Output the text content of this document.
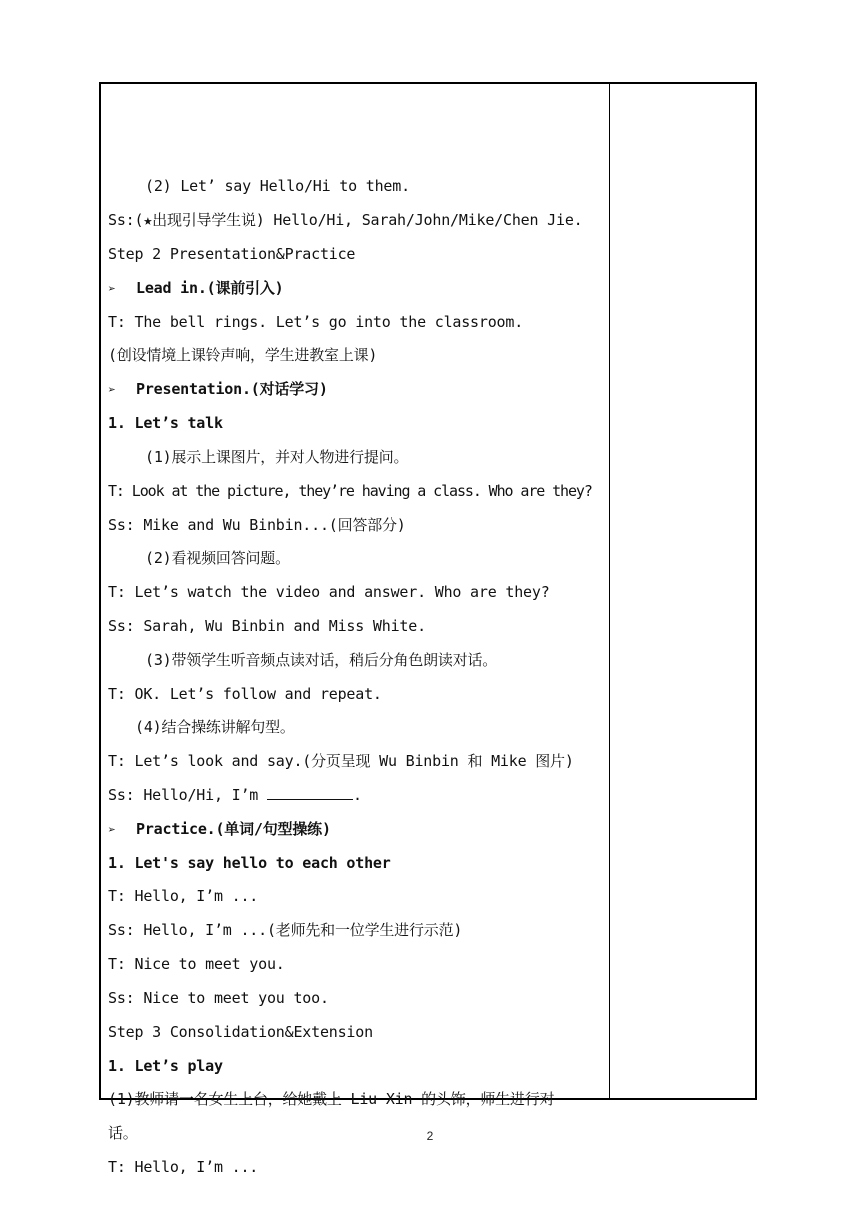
(2) Let’ say Hello/Hi to them.
Ss:(★出现引导学生说) Hello/Hi, Sarah/John/Mike/Chen Jie.
Step 2 Presentation&Practice
➢ Lead in.(课前引入)
T: The bell rings. Let’s go into the classroom.
(创设情境上课铃声响，学生进教室上课)
➢ Presentation.(对话学习)
1. Let’s talk
(1)展示上课图片，并对人物进行提问。
T: Look at the picture, they’re having a class. Who are they?
Ss: Mike and Wu Binbin...(回答部分)
(2)看视频回答问题。
T: Let’s watch the video and answer. Who are they?
Ss: Sarah, Wu Binbin and Miss White.
(3)带领学生听音频点读对话，稍后分角色朗读对话。
T: OK. Let’s follow and repeat.
(4)结合操练讲解句型。
T: Let’s look and say.(分页呈现 Wu Binbin 和 Mike 图片)
Ss: Hello/Hi, I’m	.
➢ Practice.(单词/句型操练)
1. Let's say hello to each other
T: Hello, I’m ...
Ss: Hello, I’m ...(老师先和一位学生进行示范)
T: Nice to meet you.
Ss: Nice to meet you too.
Step 3 Consolidation&Extension
1. Let’s play
(1)教师请一名女生上台，给她戴上 Liu Xin 的头饰，师生进行对
话。
T: Hello, I’m ...
2
